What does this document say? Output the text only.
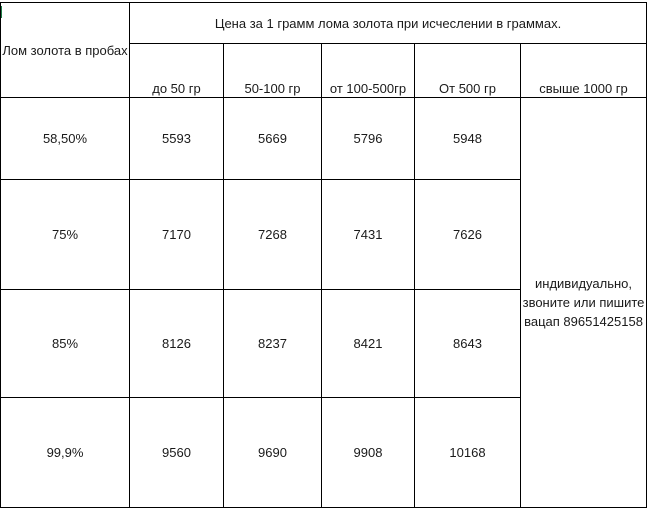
Лом золота в пробах	Цена за 1 грамм лома золота при исчеслении в граммах.				
	до 50 гр	50-100 гр	от 100-500гр	От 500 гр	свыше 1000 гр
58,50%	5593	5669	5796	5948	индивидуально, звоните или пишите вацап 89651425158
75%	7170	7268	7431	7626	
85%	8126	8237	8421	8643	
99,9%	9560	9690	9908	10168	
